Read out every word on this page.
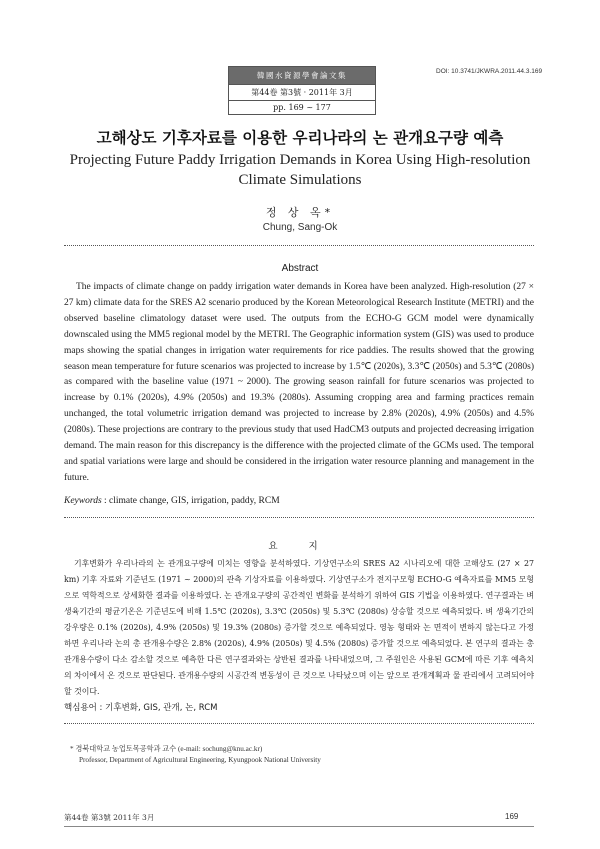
韓國水資源學會論文集
第44卷 第3號 · 2011年 3月
pp. 169 ~ 177
DOI: 10.3741/JKWRA.2011.44.3.169
고해상도 기후자료를 이용한 우리나라의 논 관개요구량 예측
Projecting Future Paddy Irrigation Demands in Korea Using High-resolution
Climate Simulations
정 상 옥*
Chung, Sang-Ok
Abstract
The impacts of climate change on paddy irrigation water demands in Korea have been analyzed. High-resolution (27 × 27 km) climate data for the SRES A2 scenario produced by the Korean Meteorological Research Institute (METRI) and the observed baseline climatology dataset were used. The outputs from the ECHO-G GCM model were dynamically downscaled using the MM5 regional model by the METRI. The Geographic information system (GIS) was used to produce maps showing the spatial changes in irrigation water requirements for rice paddies. The results showed that the growing season mean temperature for future scenarios was projected to increase by 1.5℃ (2020s), 3.3℃ (2050s) and 5.3℃ (2080s) as compared with the baseline value (1971 ~ 2000). The growing season rainfall for future scenarios was projected to increase by 0.1% (2020s), 4.9% (2050s) and 19.3% (2080s). Assuming cropping area and farming practices remain unchanged, the total volumetric irrigation demand was projected to increase by 2.8% (2020s), 4.9% (2050s) and 4.5% (2080s). These projections are contrary to the previous study that used HadCM3 outputs and projected decreasing irrigation demand. The main reason for this discrepancy is the difference with the projected climate of the GCMs used. The temporal and spatial variations were large and should be considered in the irrigation water resource planning and management in the future.
Keywords : climate change, GIS, irrigation, paddy, RCM
요 지
기후변화가 우리나라의 논 관개요구량에 미치는 영향을 분석하였다. 기상연구소의 SRES A2 시나리오에 대한 고해상도 (27 × 27 km) 기후 자료와 기준년도 (1971 ~ 2000)의 관측 기상자료를 이용하였다. 기상연구소가 전지구모형 ECHO-G 예측자료를 MM5 모형으로 역학적으로 상세화한 결과를 이용하였다. 논 관개요구량의 공간적인 변화를 분석하기 위하여 GIS 기법을 이용하였다. 연구결과는 벼 생육기간의 평균기온은 기준년도에 비해 1.5℃ (2020s), 3.3℃ (2050s) 및 5.3℃ (2080s) 상승할 것으로 예측되었다. 벼 생육기간의 강우량은 0.1% (2020s), 4.9% (2050s) 및 19.3% (2080s) 증가할 것으로 예측되었다. 영농 형태와 논 면적이 변하지 않는다고 가정하면 우리나라 논의 총 관개용수량은 2.8% (2020s), 4.9% (2050s) 및 4.5% (2080s) 증가할 것으로 예측되었다. 본 연구의 결과는 총 관개용수량이 다소 감소할 것으로 예측한 다른 연구결과와는 상반된 결과를 나타내었으며, 그 주원인은 사용된 GCM에 따른 기후 예측치의 차이에서 온 것으로 판단된다. 관개용수량의 시공간적 변동성이 큰 것으로 나타났으며 이는 앞으로 관개계획과 물 관리에서 고려되어야 할 것이다.
핵심용어 : 기후변화, GIS, 관개, 논, RCM
* 경북대학교 농업토목공학과 교수 (e-mail: sochung@knu.ac.kr)
Professor, Department of Agricultural Engineering, Kyungpook National University
第44卷 第3號 2011年 3月	169
